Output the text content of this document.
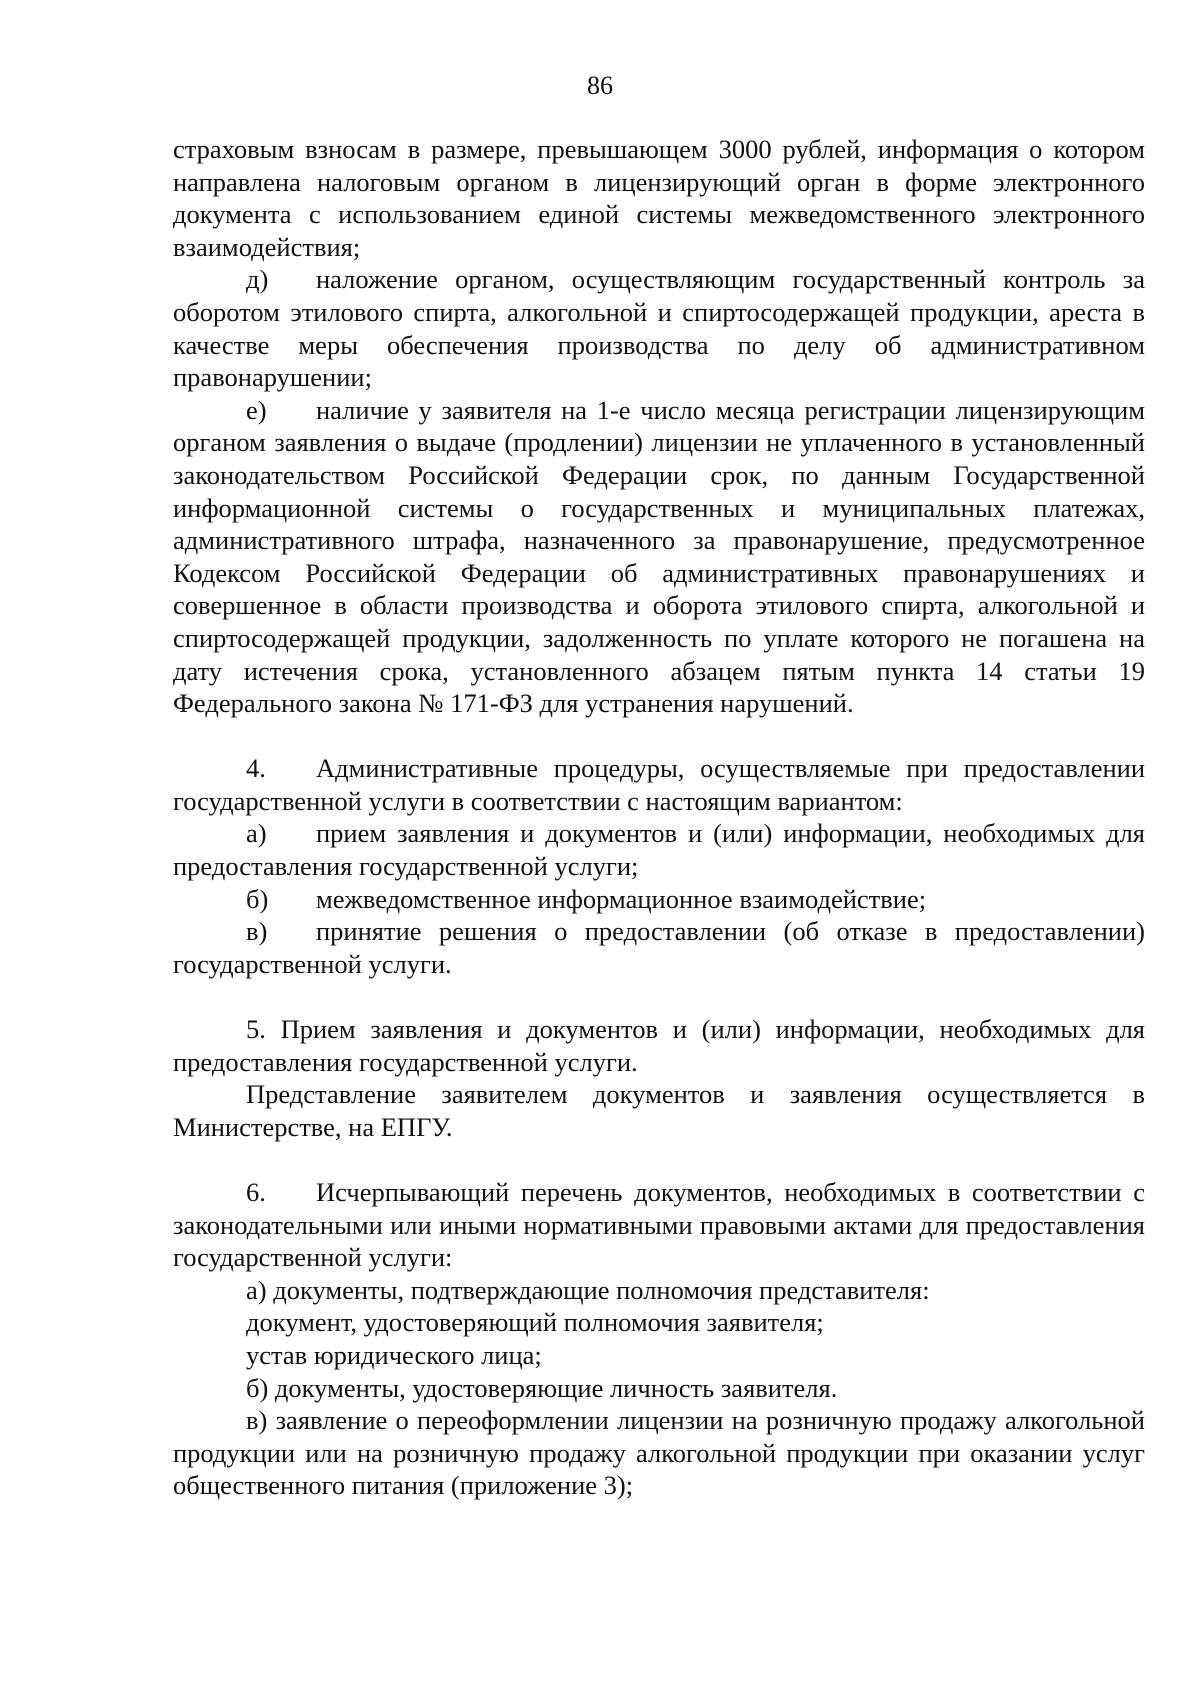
86

страховым взносам в размере, превышающем 3000 рублей, информация о котором направлена налоговым органом в лицензирующий орган в форме электронного документа с использованием единой системы межведомственного электронного взаимодействия;

д) наложение органом, осуществляющим государственный контроль за оборотом этилового спирта, алкогольной и спиртосодержащей продукции, ареста в качестве меры обеспечения производства по делу об административном правонарушении;

е) наличие у заявителя на 1-е число месяца регистрации лицензирующим органом заявления о выдаче (продлении) лицензии не уплаченного в установленный законодательством Российской Федерации срок, по данным Государственной информационной системы о государственных и муниципальных платежах, административного штрафа, назначенного за правонарушение, предусмотренное Кодексом Российской Федерации об административных правонарушениях и совершенное в области производства и оборота этилового спирта, алкогольной и спиртосодержащей продукции, задолженность по уплате которого не погашена на дату истечения срока, установленного абзацем пятым пункта 14 статьи 19 Федерального закона № 171-ФЗ для устранения нарушений.

4. Административные процедуры, осуществляемые при предоставлении государственной услуги в соответствии с настоящим вариантом:

а) прием заявления и документов и (или) информации, необходимых для предоставления государственной услуги;

б) межведомственное информационное взаимодействие;

в) принятие решения о предоставлении (об отказе в предоставлении) государственной услуги.

5. Прием заявления и документов и (или) информации, необходимых для предоставления государственной услуги.

Представление заявителем документов и заявления осуществляется в Министерстве, на ЕПГУ.

6. Исчерпывающий перечень документов, необходимых в соответствии с законодательными или иными нормативными правовыми актами для предоставления государственной услуги:

а) документы, подтверждающие полномочия представителя:

документ, удостоверяющий полномочия заявителя;

устав юридического лица;

б) документы, удостоверяющие личность заявителя.

в) заявление о переоформлении лицензии на розничную продажу алкогольной продукции или на розничную продажу алкогольной продукции при оказании услуг общественного питания (приложение 3);
